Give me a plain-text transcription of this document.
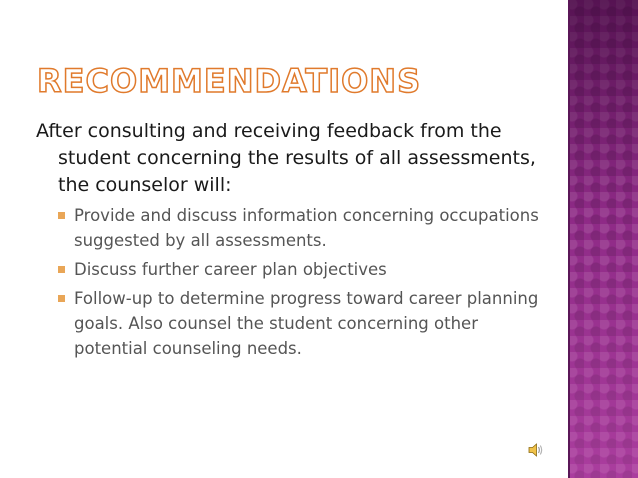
RECOMMENDATIONS

After consulting and receiving feedback from the student concerning the results of all assessments, the counselor will:

Provide and discuss information concerning occupations suggested by all assessments.
Discuss further career plan objectives
Follow-up to determine progress toward career planning goals. Also counsel the student concerning other potential counseling needs.
